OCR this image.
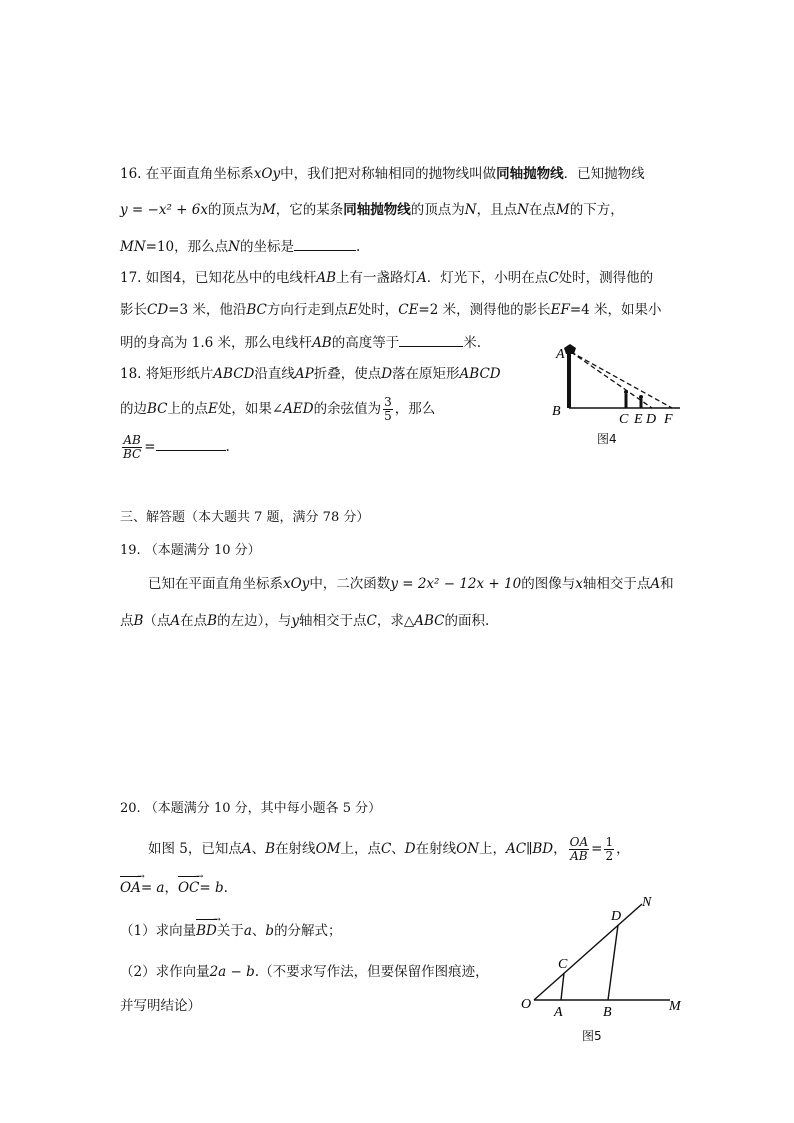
16. 在平面直角坐标系xOy中，我们把对称轴相同的抛物线叫做同轴抛物线．已知抛物线
y = −x² + 6x的顶点为M，它的某条同轴抛物线的顶点为N，且点N在点M的下方，
MN=10，那么点N的坐标是	.
17. 如图4，已知花丛中的电线杆AB上有一盏路灯A．灯光下，小明在点C处时，测得他的
影长CD=3 米，他沿BC方向行走到点E处时，CE=2 米，测得他的影长EF=4 米，如果小
明的身高为 1.6 米，那么电线杆AB的高度等于	米.
18. 将矩形纸片ABCD沿直线AP折叠，使点D落在原矩形ABCD
的边BC上的点E处，如果∠AED的余弦值为 $\frac{3}{5}$ ，那么
$\frac{AB}{BC}$ =	.
A
B
C E D F
图4
三、解答题（本大题共 7 题，满分 78 分）
19. （本题满分 10 分）
已知在平面直角坐标系xOy中，二次函数y = 2x² − 12x + 10的图像与x轴相交于点A和
点B（点A在点B的左边），与y轴相交于点C，求△ABC的面积.
20. （本题满分 10 分，其中每小题各 5 分）
如图 5，已知点A、B在射线OM上，点C、D在射线ON上，AC∥BD， $\frac{OA}{AB} = \frac{1}{2}$ ，
OA →= a，OC →= b.
（1）求向量BD →关于a、b的分解式；
（2）求作向量2a − b.（不要求写作法，但要保留作图痕迹，
并写明结论）
N
D
C
O
A	B	M
图5
